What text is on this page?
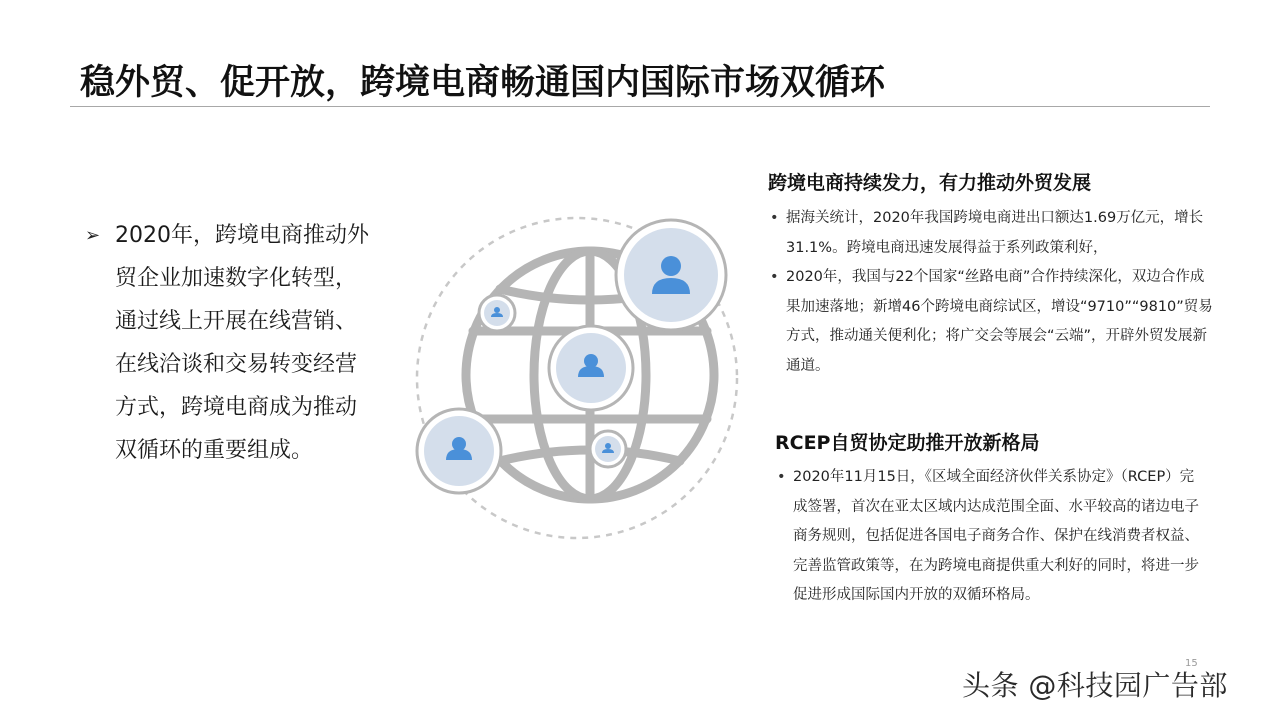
稳外贸、促开放，跨境电商畅通国内国际市场双循环
➢ 2020年，跨境电商推动外贸企业加速数字化转型，通过线上开展在线营销、在线洽谈和交易转变经营方式，跨境电商成为推动双循环的重要组成。
跨境电商持续发力，有力推动外贸发展
• 据海关统计，2020年我国跨境电商进出口额达1.69万亿元，增长31.1%。跨境电商迅速发展得益于系列政策利好，
• 2020年，我国与22个国家“丝路电商”合作持续深化，双边合作成果加速落地；新增46个跨境电商综试区，增设“9710”“9810”贸易方式，推动通关便利化；将广交会等展会“云端”，开辟外贸发展新通道。
RCEP自贸协定助推开放新格局
• 2020年11月15日，《区域全面经济伙伴关系协定》（RCEP）完成签署，首次在亚太区域内达成范围全面、水平较高的诸边电子商务规则，包括促进各国电子商务合作、保护在线消费者权益、完善监管政策等，在为跨境电商提供重大利好的同时，将进一步促进形成国际国内开放的双循环格局。
15
头条 @科技园广告部
